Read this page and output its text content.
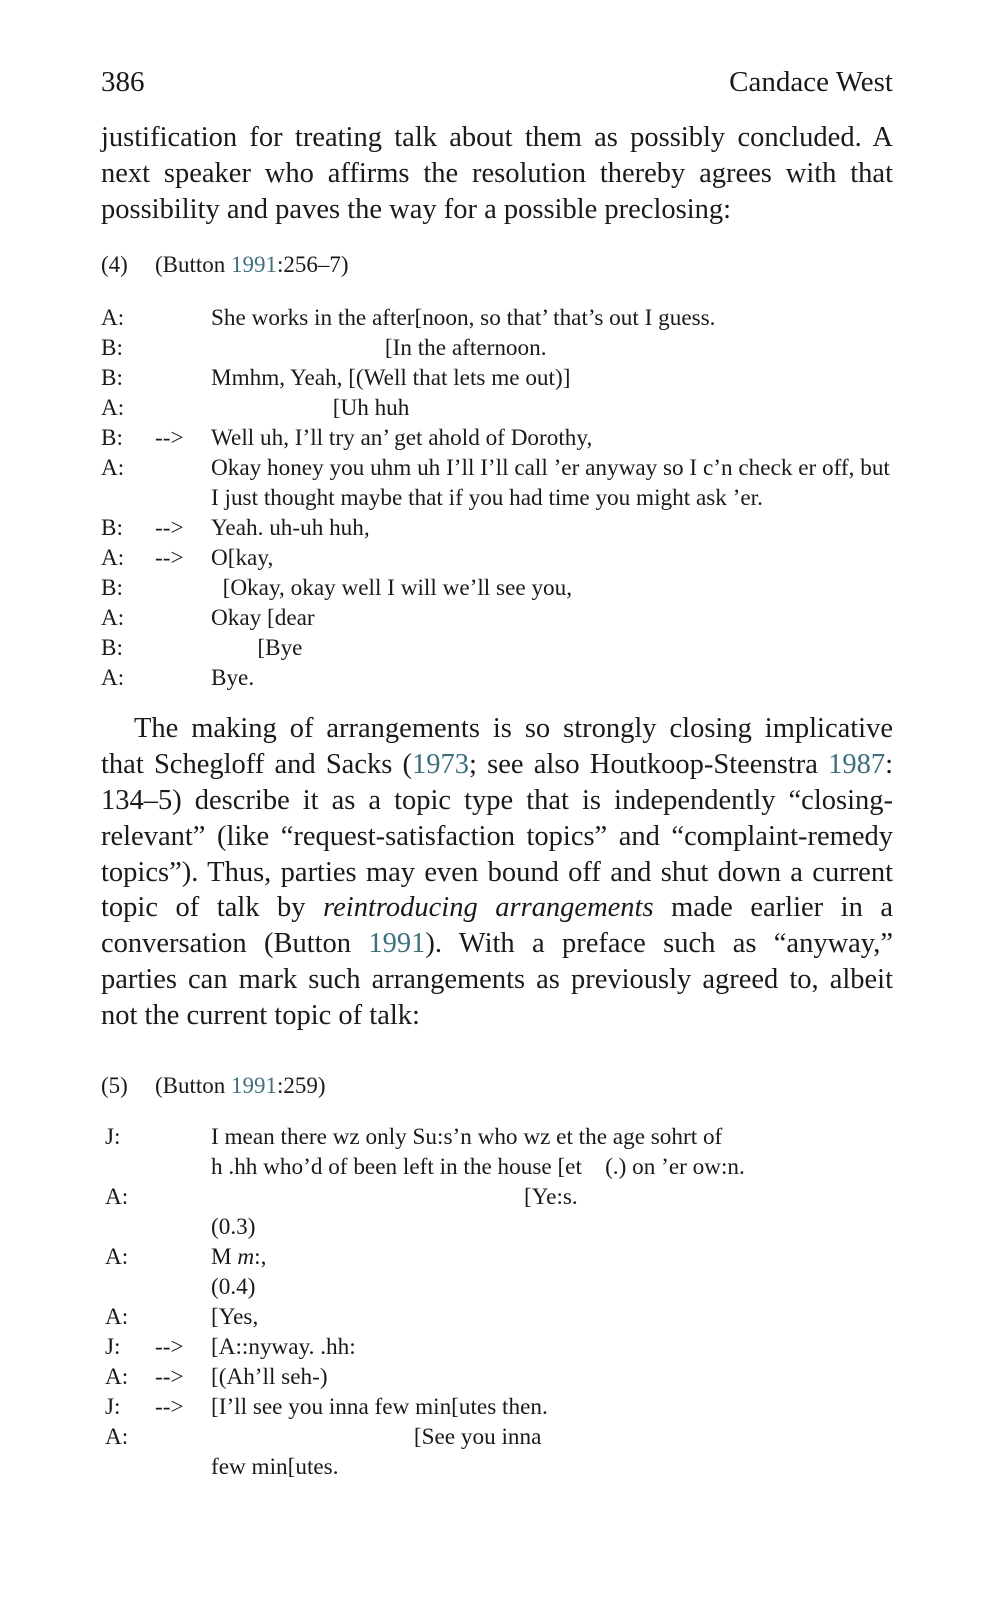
386	Candace West

justification for treating talk about them as possibly concluded. A next speaker who affirms the resolution thereby agrees with that possibility and paves the way for a possible preclosing:

(4) (Button 1991:256–7)
A:	She works in the after[noon, so that’ that’s out I guess.
B:	[In the afternoon.
B:	Mmhm, Yeah, [(Well that lets me out)]
A:	[Uh huh
B:	-->	Well uh, I’ll try an’ get ahold of Dorothy,
A:	Okay honey you uhm uh I’ll I’ll call ’er anyway so I c’n check er off, but I just thought maybe that if you had time you might ask ’er.
B:	-->	Yeah. uh-uh huh,
A:	-->	O[kay,
B:	[Okay, okay well I will we’ll see you,
A:	Okay [dear
B:	[Bye
A:	Bye.

The making of arrangements is so strongly closing implicative that Schegloff and Sacks (1973; see also Houtkoop-Steenstra 1987: 134–5) describe it as a topic type that is independently “closing-relevant” (like “request-satisfaction topics” and “complaint-remedy topics”). Thus, parties may even bound off and shut down a current topic of talk by reintroducing arrangements made earlier in a conversation (Button 1991). With a preface such as “anyway,” parties can mark such arrangements as previously agreed to, albeit not the current topic of talk:

(5) (Button 1991:259)
J:	I mean there wz only Su:s’n who wz et the age sohrt of
h .hh who’d of been left in the house [et    (.) on ’er ow:n.
A:	[Ye:s.
(0.3)
A:	M m:,
(0.4)
A:	[Yes,
J:	-->	[A::nyway. .hh:
A:	-->	[(Ah’ll seh-)
J:	-->	[I’ll see you inna few min[utes then.
A:	[See you inna
few min[utes.
